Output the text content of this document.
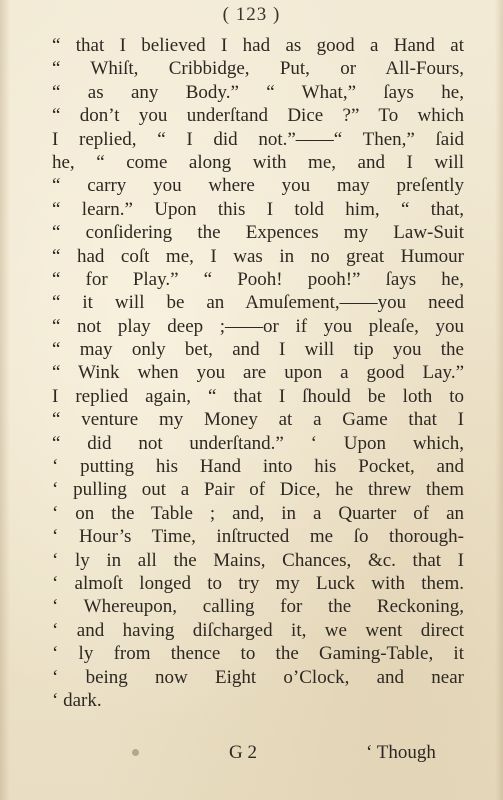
( 123 )
“ that I believed I had as good a Hand at
“ Whiſt, Cribbidge, Put, or All-Fours,
“ as any Body.” “ What,” ſays he,
“ don’t you underſtand Dice ?” To which
I replied, “ I did not.”——“ Then,” ſaid
he, “ come along with me, and I will
“ carry you where you may preſently
“ learn.” Upon this I told him, “ that,
“ conſidering the Expences my Law-Suit
“ had coſt me, I was in no great Humour
“ for Play.” “ Pooh! pooh!” ſays he,
“ it will be an Amuſement,——you need
“ not play deep ;——or if you pleaſe, you
“ may only bet, and I will tip you the
“ Wink when you are upon a good Lay.”
I replied again, “ that I ſhould be loth to
“ venture my Money at a Game that I
“ did not underſtand.” ‘ Upon which,
‘ putting his Hand into his Pocket, and
‘ pulling out a Pair of Dice, he threw them
‘ on the Table ; and, in a Quarter of an
‘ Hour’s Time, inſtructed me ſo thorough-
‘ ly in all the Mains, Chances, &c. that I
‘ almoſt longed to try my Luck with them.
‘ Whereupon, calling for the Reckoning,
‘ and having diſcharged it, we went direct
‘ ly from thence to the Gaming-Table, it
‘ being now Eight o’Clock, and near
‘ dark.
G 2	‘ Though
